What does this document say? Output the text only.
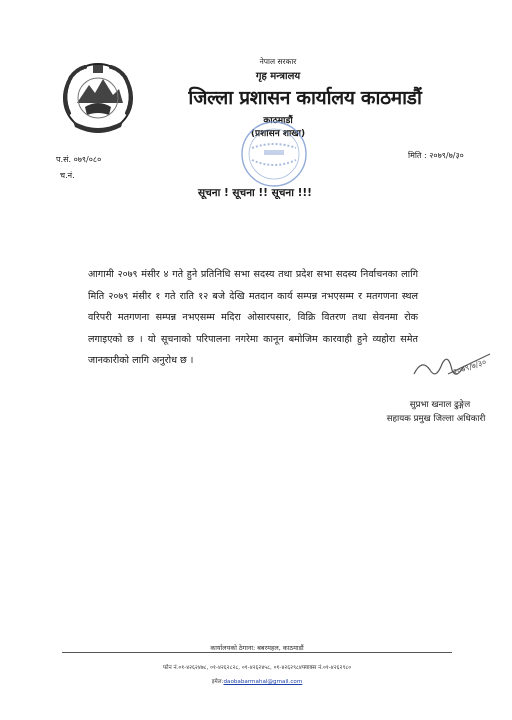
नेपाल सरकार
गृह मन्त्रालय
जिल्ला प्रशासन कार्यालय काठमाडौं
काठमाडौं
(प्रशासन शाखा)
प.सं. ०७९/०८०
च.नं.
मिति : २०७९/७/३०
सूचना ! सूचना !! सूचना !!!
आगामी २०७९ मंसीर ४ गते हुने प्रतिनिधि सभा सदस्य तथा प्रदेश सभा सदस्य निर्वाचनका लागि मिति २०७९ मंसीर १ गते राति १२ बजे देखि मतदान कार्य सम्पन्न नभएसम्म र मतगणना स्थल वरिपरी मतगणना सम्पन्न नभएसम्म मदिरा ओसारपसार, विक्रि वितरण तथा सेवनमा रोक लगाइएको छ । यो सूचनाको परिपालना नगरेमा कानून बमोजिम कारवाही हुने व्यहोरा समेत जानकारीको लागि अनुरोध छ ।	२०७९/७/३०
सुप्रभा खनाल ढुङ्गेल
सहायक प्रमुख जिल्ला अधिकारी
कार्यालयको ठेगाना: बबरमहल, काठमाडौं
फोन नं.०१-४२६२४७८, ०१-४२६२८२८, ०१-४२६२४५८, ०१-४२६२९८४फ्याक्स नं.०१-४२६२९८०
इमेल:daobabarmahal@gmail.com
